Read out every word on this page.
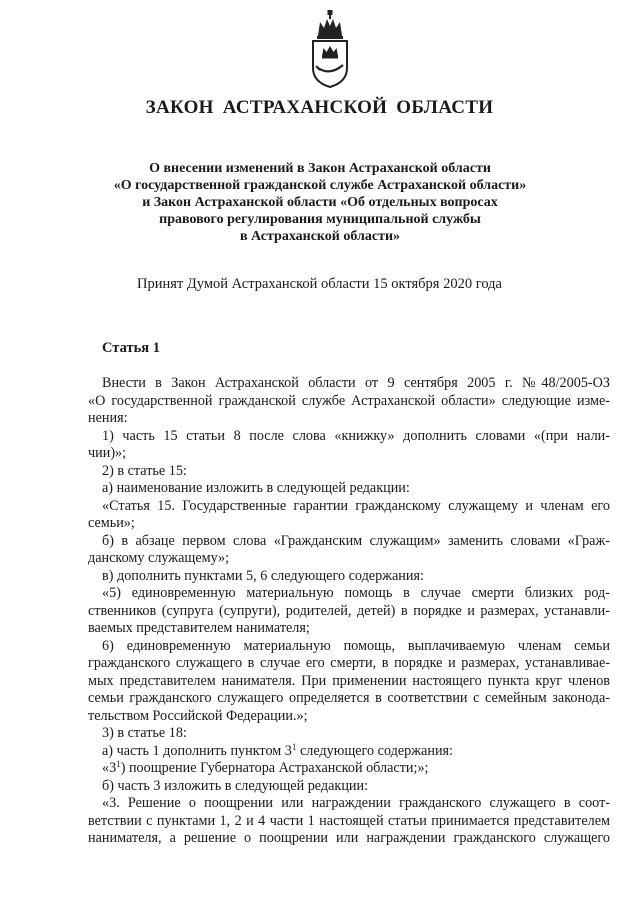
ЗАКОН АСТРАХАНСКОЙ ОБЛАСТИ
О внесении изменений в Закон Астраханской области
«О государственной гражданской службе Астраханской области»
и Закон Астраханской области «Об отдельных вопросах
правового регулирования муниципальной службы
в Астраханской области»
Принят Думой Астраханской области 15 октября 2020 года
Статья 1
Внести в Закон Астраханской области от 9 сентября 2005 г. №48/2005-ОЗ
«О государственной гражданской службе Астраханской области» следующие изме-
нения:
1) часть 15 статьи 8 после слова «книжку» дополнить словами «(при нали-
чии)»;
2) в статье 15:
а) наименование изложить в следующей редакции:
«Статья 15. Государственные гарантии гражданскому служащему и членам его
семьи»;
б) в абзаце первом слова «Гражданским служащим» заменить словами «Граж-
данскому служащему»;
в) дополнить пунктами 5, 6 следующего содержания:
«5) единовременную материальную помощь в случае смерти близких род-
ственников (супруга (супруги), родителей, детей) в порядке и размерах, устанавли-
ваемых представителем нанимателя;
6) единовременную материальную помощь, выплачиваемую членам семьи
гражданского служащего в случае его смерти, в порядке и размерах, устанавливае-
мых представителем нанимателя. При применении настоящего пункта круг членов
семьи гражданского служащего определяется в соответствии с семейным законода-
тельством Российской Федерации.»;
3) в статье 18:
а) часть 1 дополнить пунктом $3^1$ следующего содержания:
«$3^1$) поощрение Губернатора Астраханской области;»;
б) часть 3 изложить в следующей редакции:
«3. Решение о поощрении или награждении гражданского служащего в соот-
ветствии с пунктами 1, 2 и 4 части 1 настоящей статьи принимается представителем
нанимателя, а решение о поощрении или награждении гражданского служащего
